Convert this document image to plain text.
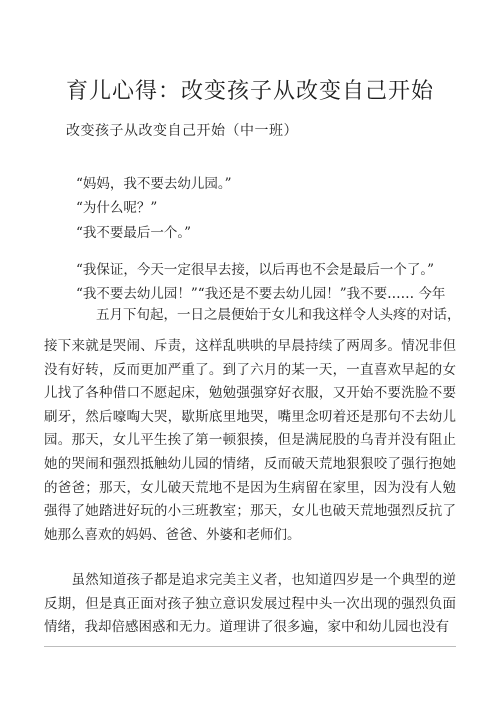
育儿心得：改变孩子从改变自己开始
改变孩子从改变自己开始（中一班）
“妈妈，我不要去幼儿园。”
“为什么呢？”
“我不要最后一个。”
“我保证，今天一定很早去接，以后再也不会是最后一个了。”
“我不要去幼儿园！”“我还是不要去幼儿园！”我不要…… 今年
五月下旬起，一日之晨便始于女儿和我这样令人头疼的对话，

接下来就是哭闹、斥责，这样乱哄哄的早晨持续了两周多。情况非但没有好转，反而更加严重了。到了六月的某一天，一直喜欢早起的女儿找了各种借口不愿起床，勉勉强强穿好衣服，又开始不要洗脸不要刷牙，然后嚎啕大哭，歇斯底里地哭，嘴里念叨着还是那句不去幼儿园。那天，女儿平生挨了第一顿狠揍，但是满屁股的乌青并没有阻止她的哭闹和强烈抵触幼儿园的情绪，反而破天荒地狠狠咬了强行抱她的爸爸；那天，女儿破天荒地不是因为生病留在家里，因为没有人勉强得了她踏进好玩的小三班教室；那天，女儿也破天荒地强烈反抗了她那么喜欢的妈妈、爸爸、外婆和老师们。

　　虽然知道孩子都是追求完美主义者，也知道四岁是一个典型的逆反期，但是真正面对孩子独立意识发展过程中头一次出现的强烈负面情绪，我却倍感困惑和无力。道理讲了很多遍，家中和幼儿园也没有
